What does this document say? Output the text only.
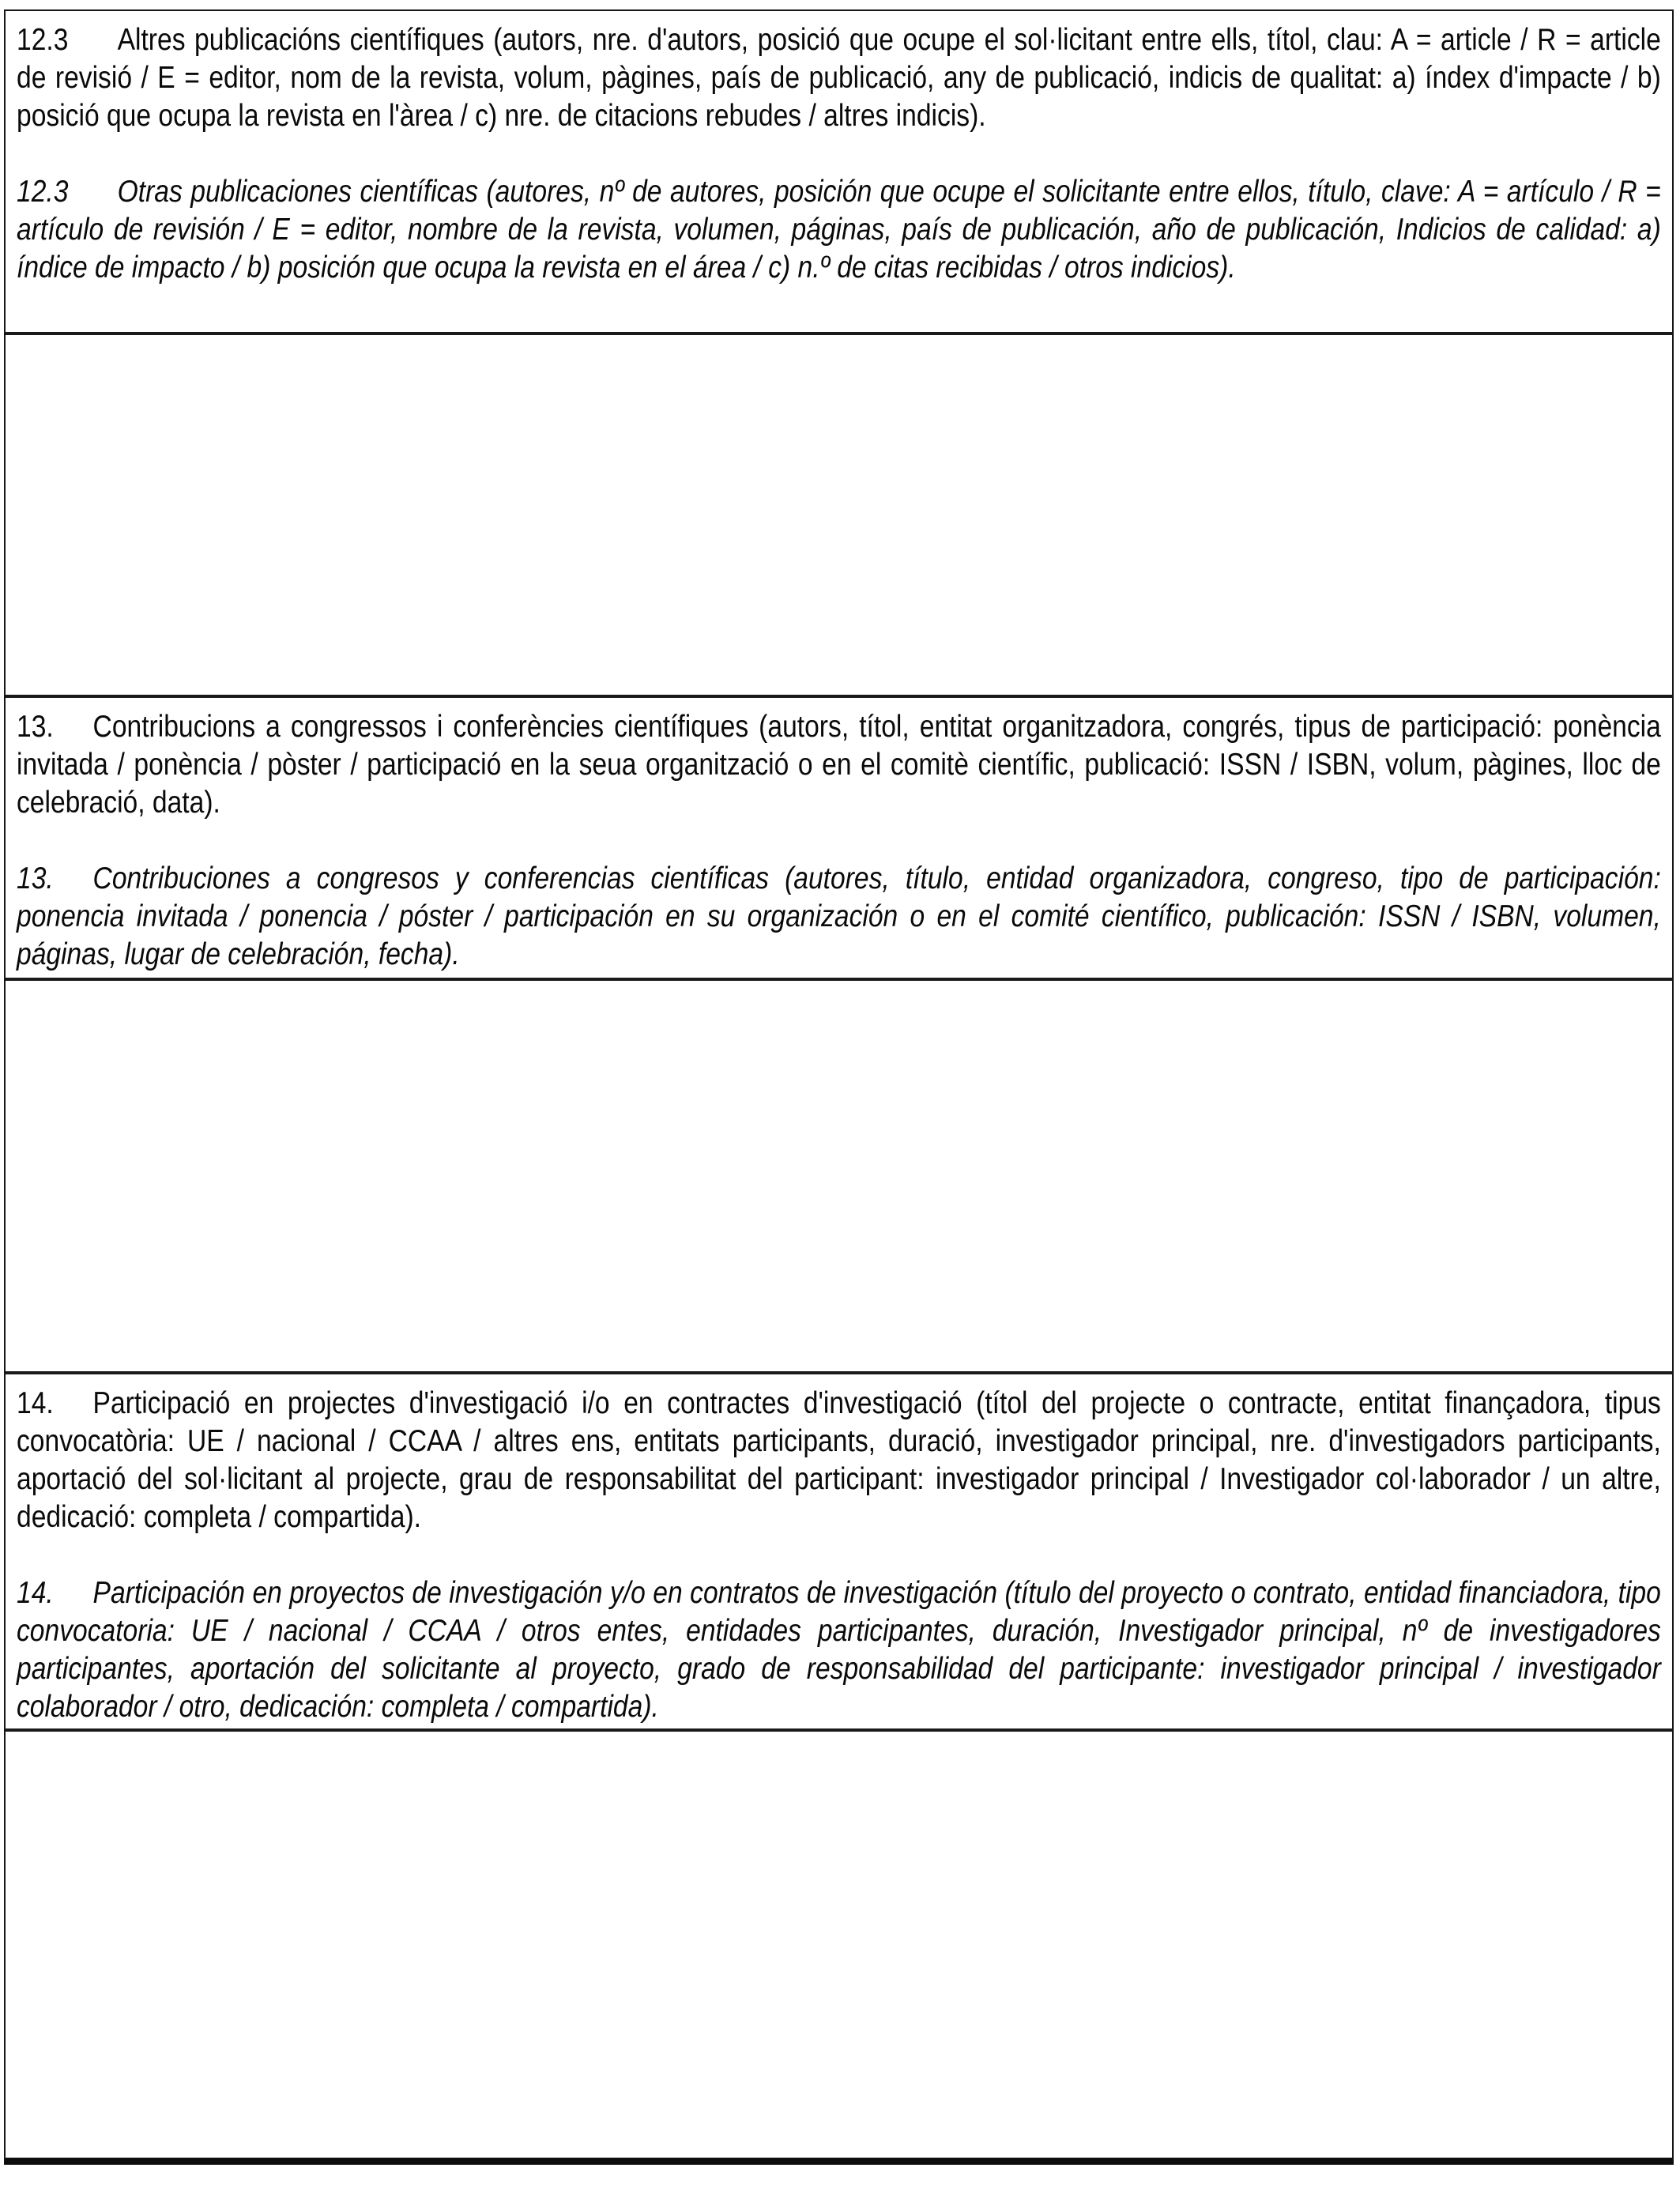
12.3 Altres publicacións científiques (autors, nre. d'autors, posició que ocupe el sol·licitant entre ells, títol, clau: A = article / R = article de revisió / E = editor, nom de la revista, volum, pàgines, país de publicació, any de publicació, indicis de qualitat: a) índex d'impacte / b) posició que ocupa la revista en l'àrea / c) nre. de citacions rebudes / altres indicis).

12.3 Otras publicaciones científicas (autores, nº de autores, posición que ocupe el solicitante entre ellos, título, clave: A = artículo / R = artículo de revisión / E = editor, nombre de la revista, volumen, páginas, país de publicación, año de publicación, Indicios de calidad: a) índice de impacto / b) posición que ocupa la revista en el área / c) n.º de citas recibidas / otros indicios).

13. Contribucions a congressos i conferències científiques (autors, títol, entitat organitzadora, congrés, tipus de participació: ponència invitada / ponència / pòster / participació en la seua organització o en el comitè científic, publicació: ISSN / ISBN, volum, pàgines, lloc de celebració, data).

13. Contribuciones a congresos y conferencias científicas (autores, título, entidad organizadora, congreso, tipo de participación: ponencia invitada / ponencia / póster / participación en su organización o en el comité científico, publicación: ISSN / ISBN, volumen, páginas, lugar de celebración, fecha).

14. Participació en projectes d'investigació i/o en contractes d'investigació (títol del projecte o contracte, entitat finançadora, tipus convocatòria: UE / nacional / CCAA / altres ens, entitats participants, duració, investigador principal, nre. d'investigadors participants, aportació del sol·licitant al projecte, grau de responsabilitat del participant: investigador principal / Investigador col·laborador / un altre, dedicació: completa / compartida).

14. Participación en proyectos de investigación y/o en contratos de investigación (título del proyecto o contrato, entidad financiadora, tipo convocatoria: UE / nacional / CCAA / otros entes, entidades participantes, duración, Investigador principal, nº de investigadores participantes, aportación del solicitante al proyecto, grado de responsabilidad del participante: investigador principal / investigador colaborador / otro, dedicación: completa / compartida).
